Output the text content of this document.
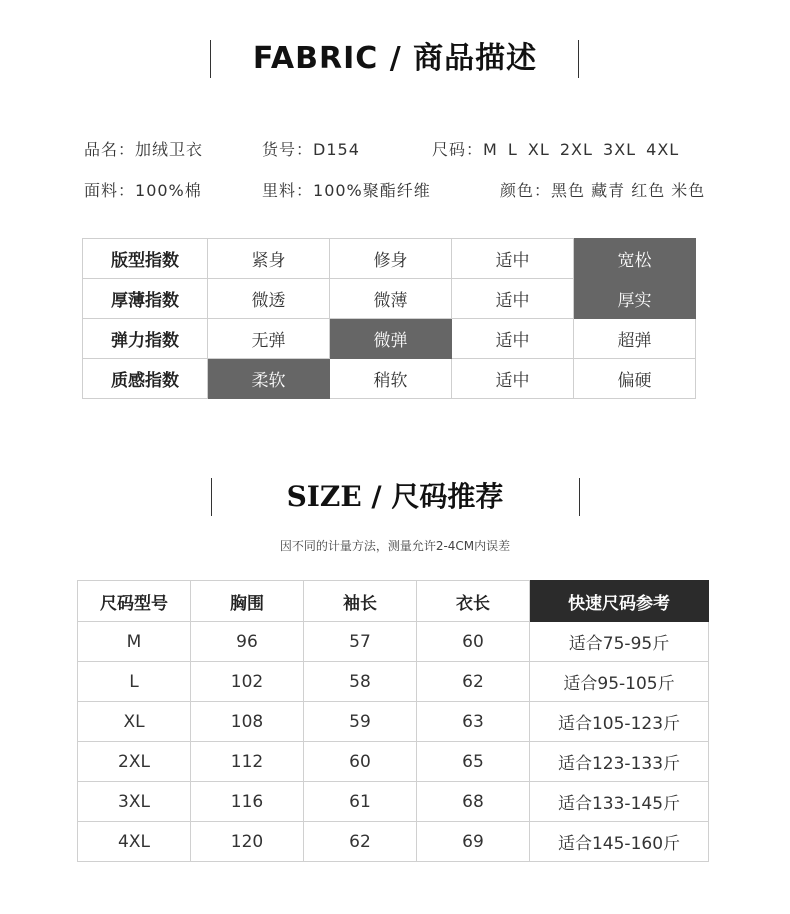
FABRIC / 商品描述
品名：加绒卫衣	货号：D154	尺码：M L XL 2XL 3XL 4XL
面料：100%棉	里料：100%聚酯纤维	颜色：黑色 藏青 红色 米色
版型指数	紧身	修身	适中	宽松
厚薄指数	微透	微薄	适中	厚实
弹力指数	无弹	微弹	适中	超弹
质感指数	柔软	稍软	适中	偏硬
SIZE / 尺码推荐
因不同的计量方法，测量允许2-4CM内误差
尺码型号	胸围	袖长	衣长	快速尺码参考
M	96	57	60	适合75-95斤
L	102	58	62	适合95-105斤
XL	108	59	63	适合105-123斤
2XL	112	60	65	适合123-133斤
3XL	116	61	68	适合133-145斤
4XL	120	62	69	适合145-160斤
